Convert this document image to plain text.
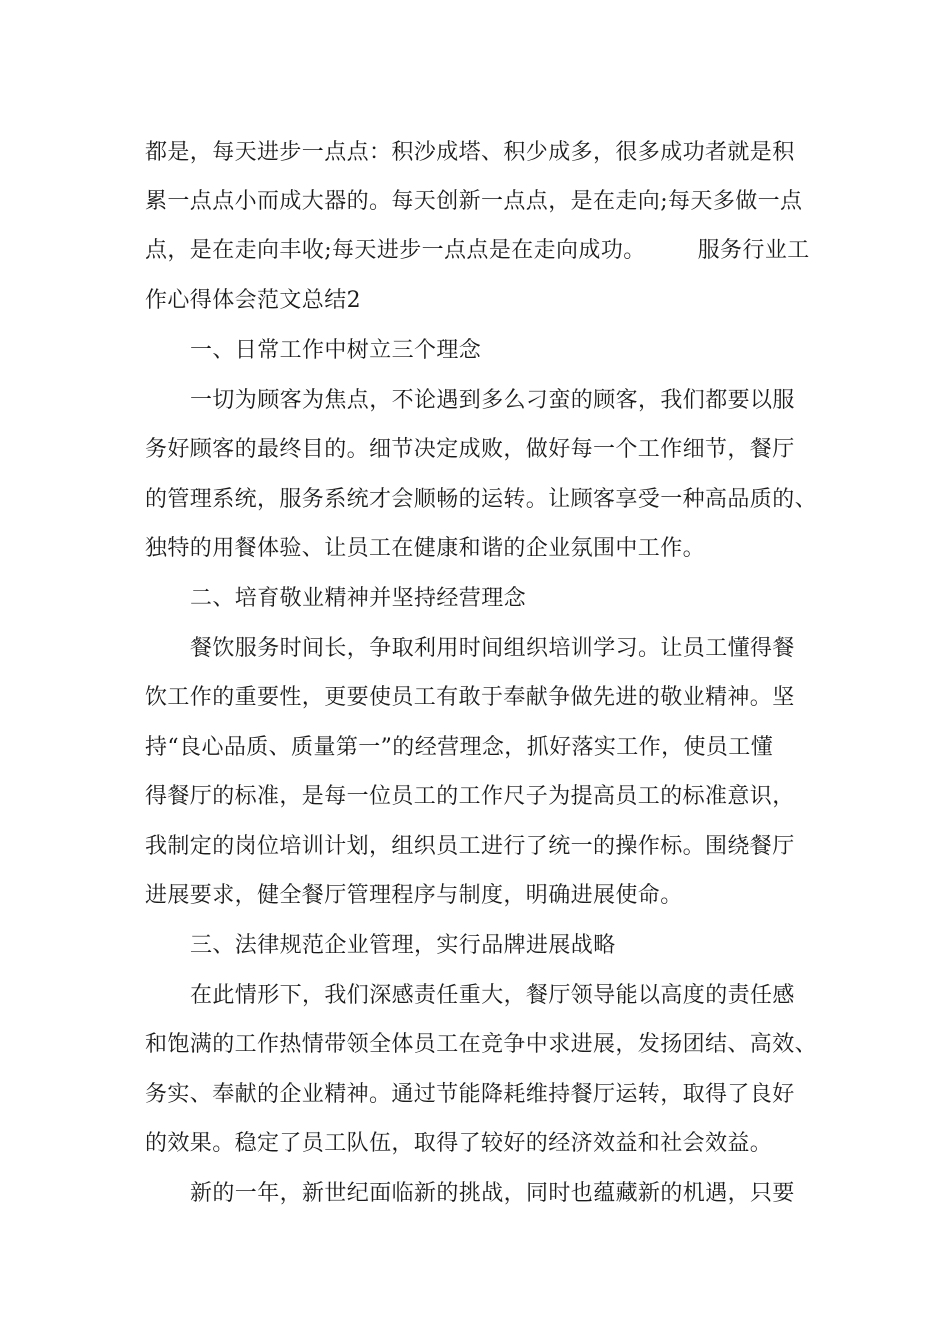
都是，每天进步一点点：积沙成塔、积少成多，很多成功者就是积

累一点点小而成大器的。每天创新一点点，是在走向;每天多做一点

点，是在走向丰收;每天进步一点点是在走向成功。 服务行业工

作心得体会范文总结2

一、日常工作中树立三个理念

一切为顾客为焦点，不论遇到多么刁蛮的顾客，我们都要以服

务好顾客的最终目的。细节决定成败，做好每一个工作细节，餐厅

的管理系统，服务系统才会顺畅的运转。让顾客享受一种高品质的、

独特的用餐体验、让员工在健康和谐的企业氛围中工作。

二、培育敬业精神并坚持经营理念

餐饮服务时间长，争取利用时间组织培训学习。让员工懂得餐

饮工作的重要性，更要使员工有敢于奉献争做先进的敬业精神。坚

持“良心品质、质量第一”的经营理念，抓好落实工作，使员工懂

得餐厅的标准，是每一位员工的工作尺子为提高员工的标准意识，

我制定的岗位培训计划，组织员工进行了统一的操作标。围绕餐厅

进展要求，健全餐厅管理程序与制度，明确进展使命。

三、法律规范企业管理，实行品牌进展战略

在此情形下，我们深感责任重大，餐厅领导能以高度的责任感

和饱满的工作热情带领全体员工在竞争中求进展，发扬团结、高效、

务实、奉献的企业精神。通过节能降耗维持餐厅运转，取得了良好

的效果。稳定了员工队伍，取得了较好的经济效益和社会效益。

新的一年，新世纪面临新的挑战，同时也蕴藏新的机遇，只要
